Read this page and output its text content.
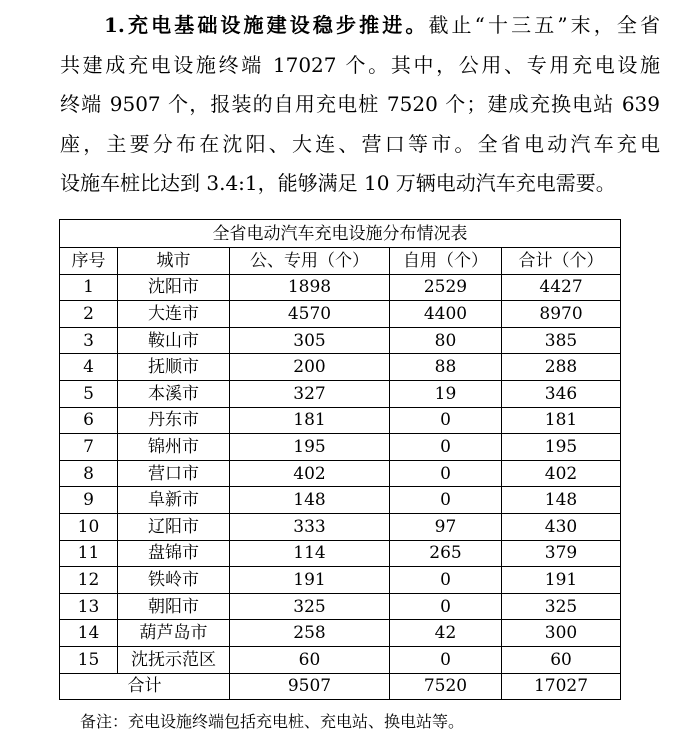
1.充电基础设施建设稳步推进。截止“十三五”末，全省
共建成充电设施终端 17027 个。其中，公用、专用充电设施
终端 9507 个，报装的自用充电桩 7520 个；建成充换电站 639
座，主要分布在沈阳、大连、营口等市。全省电动汽车充电
设施车桩比达到 3.4:1，能够满足 10 万辆电动汽车充电需要。
全省电动汽车充电设施分布情况表				
序号	城市	公、专用（个）	自用（个）	合计（个）
1	沈阳市	1898	2529	4427
2	大连市	4570	4400	8970
3	鞍山市	305	80	385
4	抚顺市	200	88	288
5	本溪市	327	19	346
6	丹东市	181	0	181
7	锦州市	195	0	195
8	营口市	402	0	402
9	阜新市	148	0	148
10	辽阳市	333	97	430
11	盘锦市	114	265	379
12	铁岭市	191	0	191
13	朝阳市	325	0	325
14	葫芦岛市	258	42	300
15	沈抚示范区	60	0	60
合计		9507	7520	17027
备注：充电设施终端包括充电桩、充电站、换电站等。
